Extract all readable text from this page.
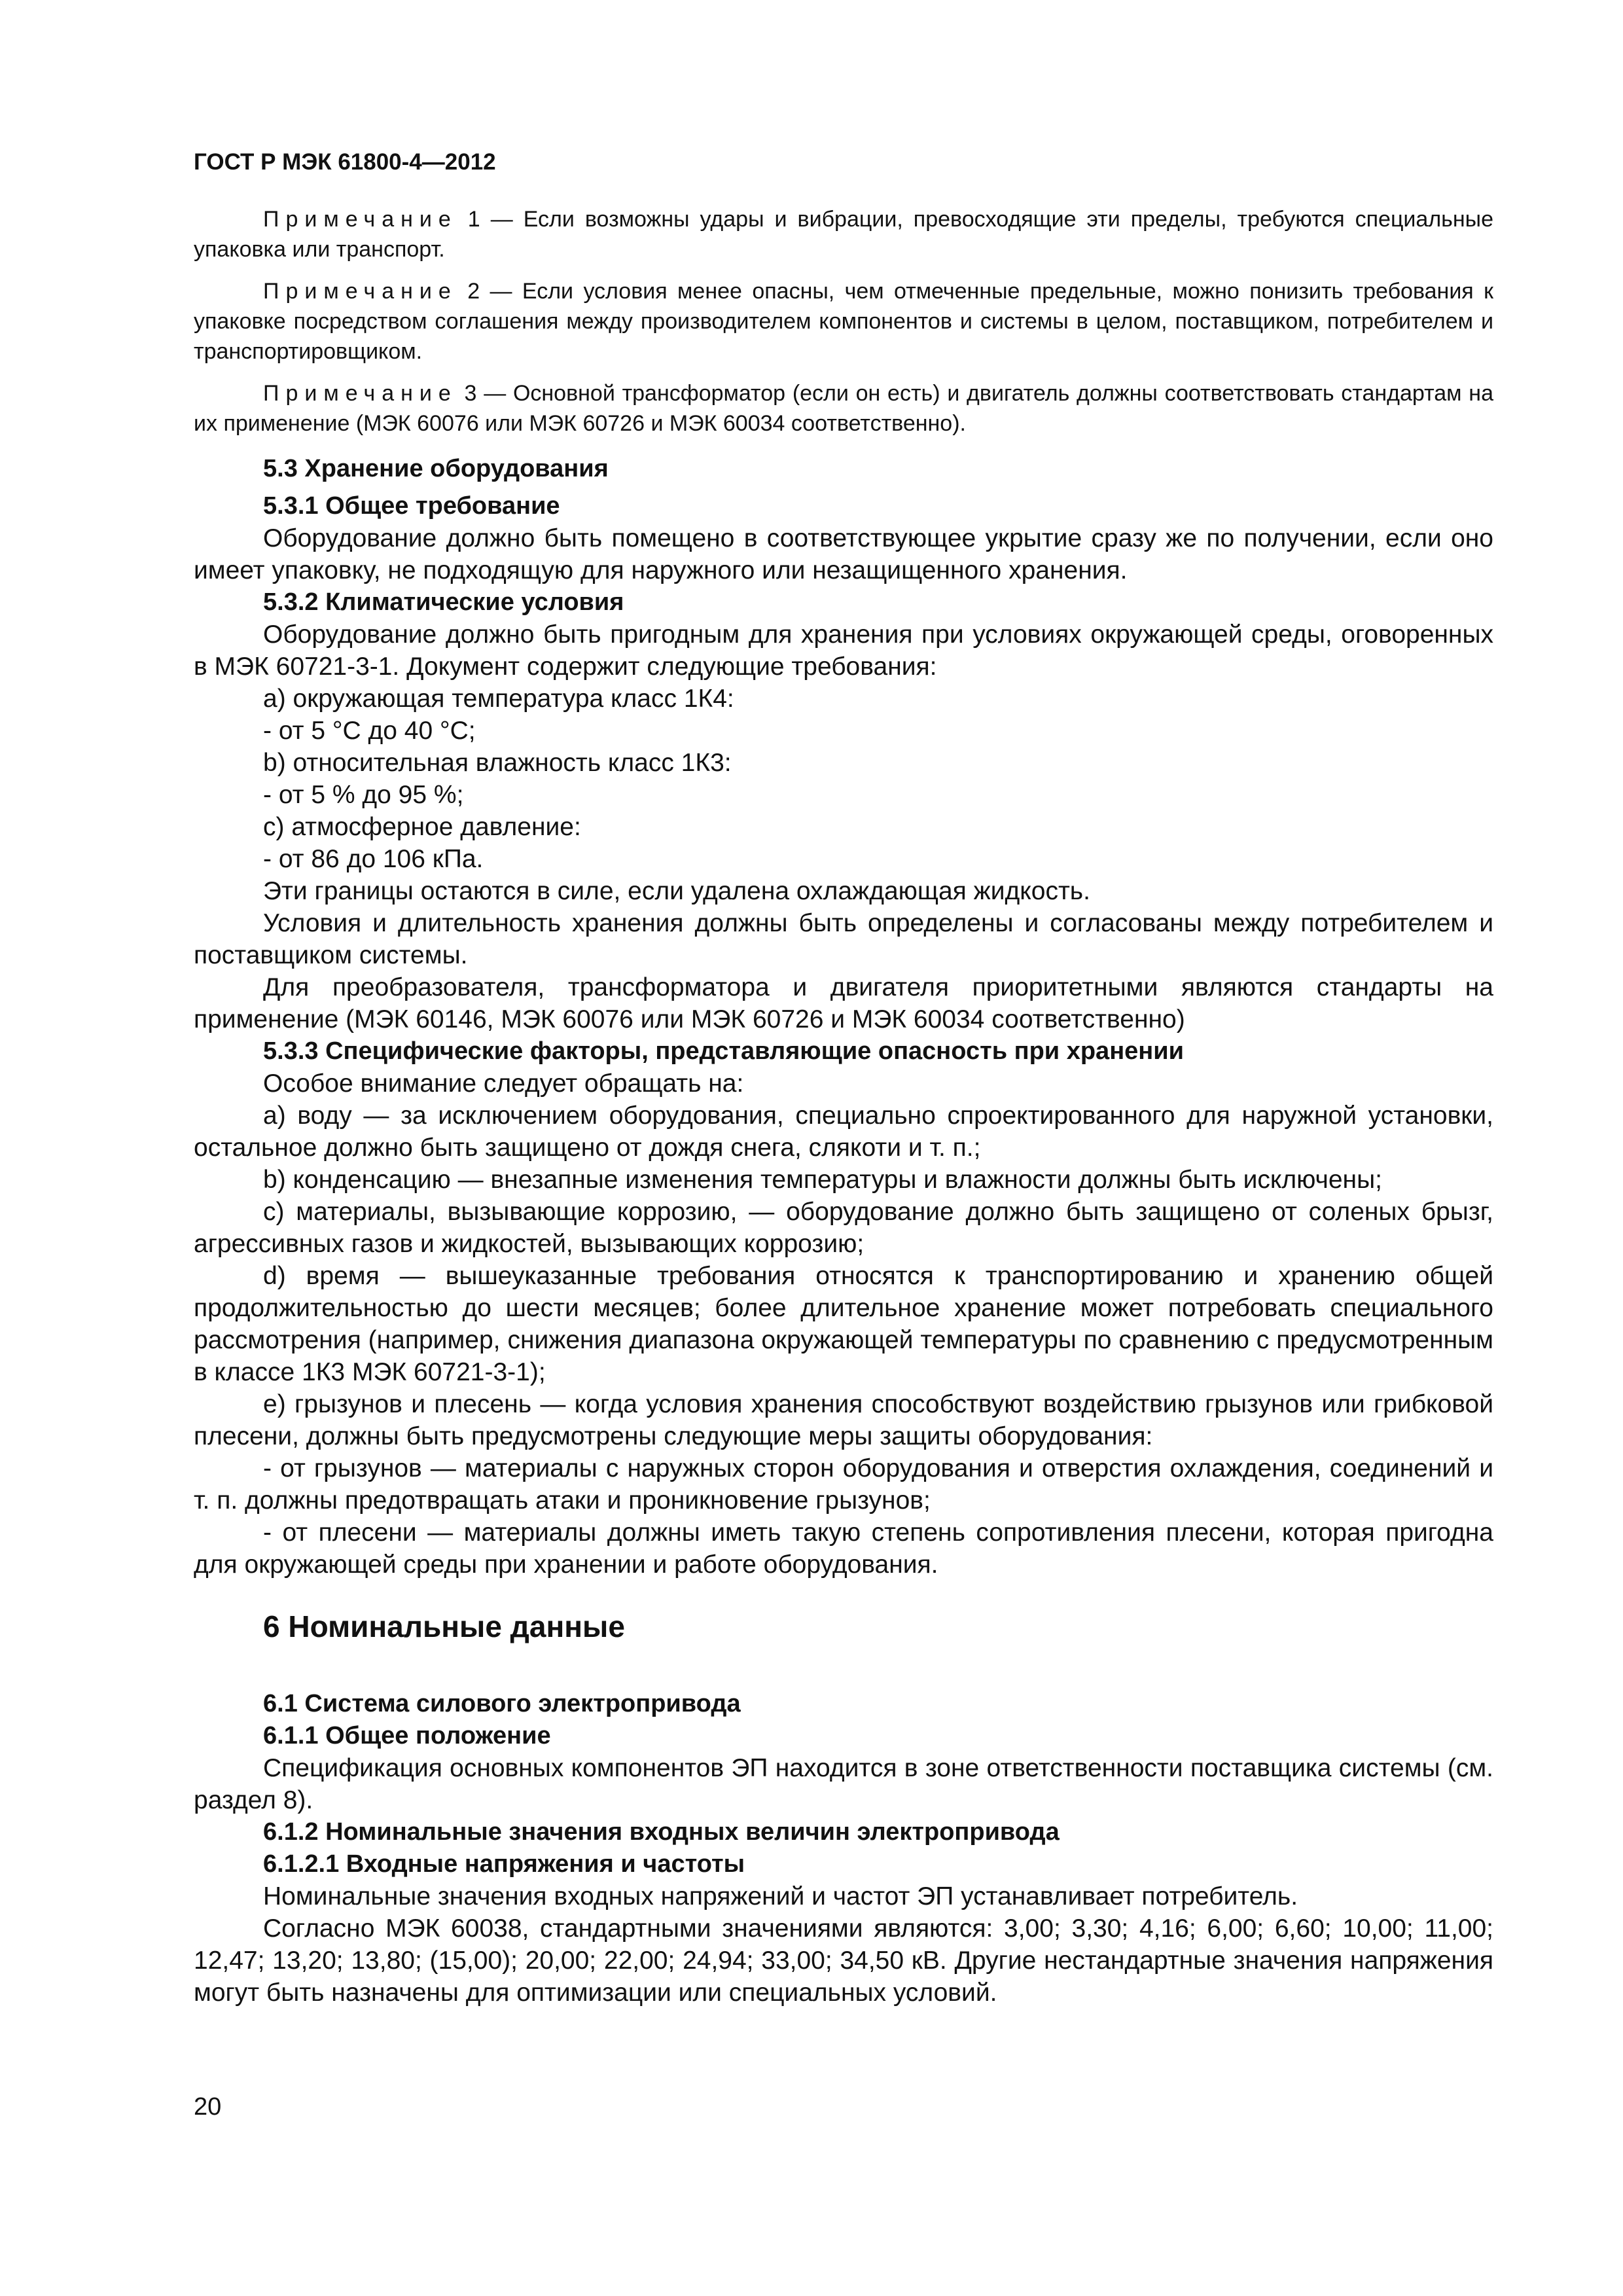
ГОСТ Р МЭК 61800-4—2012

Примечание 1 — Если возможны удары и вибрации, превосходящие эти пределы, требуются специальные упаковка или транспорт.

Примечание 2 — Если условия менее опасны, чем отмеченные предельные, можно понизить требования к упаковке посредством соглашения между производителем компонентов и системы в целом, поставщиком, потребителем и транспортировщиком.

Примечание 3 — Основной трансформатор (если он есть) и двигатель должны соответствовать стандартам на их применение (МЭК 60076 или МЭК 60726 и МЭК 60034 соответственно).

5.3 Хранение оборудования
5.3.1 Общее требование

Оборудование должно быть помещено в соответствующее укрытие сразу же по получении, если оно имеет упаковку, не подходящую для наружного или незащищенного хранения.

5.3.2 Климатические условия

Оборудование должно быть пригодным для хранения при условиях окружающей среды, оговоренных в МЭК 60721-3-1. Документ содержит следующие требования:

a) окружающая температура класс 1К4:

- от 5 °С до 40 °С;

b) относительная влажность класс 1К3:

- от 5 % до 95 %;

c) атмосферное давление:

- от 86 до 106 кПа.

Эти границы остаются в силе, если удалена охлаждающая жидкость.

Условия и длительность хранения должны быть определены и согласованы между потребителем и поставщиком системы.

Для преобразователя, трансформатора и двигателя приоритетными являются стандарты на применение (МЭК 60146, МЭК 60076 или МЭК 60726 и МЭК 60034 соответственно)

5.3.3 Специфические факторы, представляющие опасность при хранении

Особое внимание следует обращать на:

a) воду — за исключением оборудования, специально спроектированного для наружной установки, остальное должно быть защищено от дождя снега, слякоти и т. п.;

b) конденсацию — внезапные изменения температуры и влажности должны быть исключены;

c) материалы, вызывающие коррозию, — оборудование должно быть защищено от соленых брызг, агрессивных газов и жидкостей, вызывающих коррозию;

d) время — вышеуказанные требования относятся к транспортированию и хранению общей продолжительностью до шести месяцев; более длительное хранение может потребовать специального рассмотрения (например, снижения диапазона окружающей температуры по сравнению с предусмотренным в классе 1К3 МЭК 60721-3-1);

e) грызунов и плесень — когда условия хранения способствуют воздействию грызунов или грибковой плесени, должны быть предусмотрены следующие меры защиты оборудования:

- от грызунов — материалы с наружных сторон оборудования и отверстия охлаждения, соединений и т. п. должны предотвращать атаки и проникновение грызунов;

- от плесени — материалы должны иметь такую степень сопротивления плесени, которая пригодна для окружающей среды при хранении и работе оборудования.

6 Номинальные данные
6.1 Система силового электропривода
6.1.1 Общее положение

Спецификация основных компонентов ЭП находится в зоне ответственности поставщика системы (см. раздел 8).

6.1.2 Номинальные значения входных величин электропривода
6.1.2.1 Входные напряжения и частоты

Номинальные значения входных напряжений и частот ЭП устанавливает потребитель.

Согласно МЭК 60038, стандартными значениями являются: 3,00; 3,30; 4,16; 6,00; 6,60; 10,00; 11,00; 12,47; 13,20; 13,80; (15,00); 20,00; 22,00; 24,94; 33,00; 34,50 кВ. Другие нестандартные значения напряжения могут быть назначены для оптимизации или специальных условий.

20
